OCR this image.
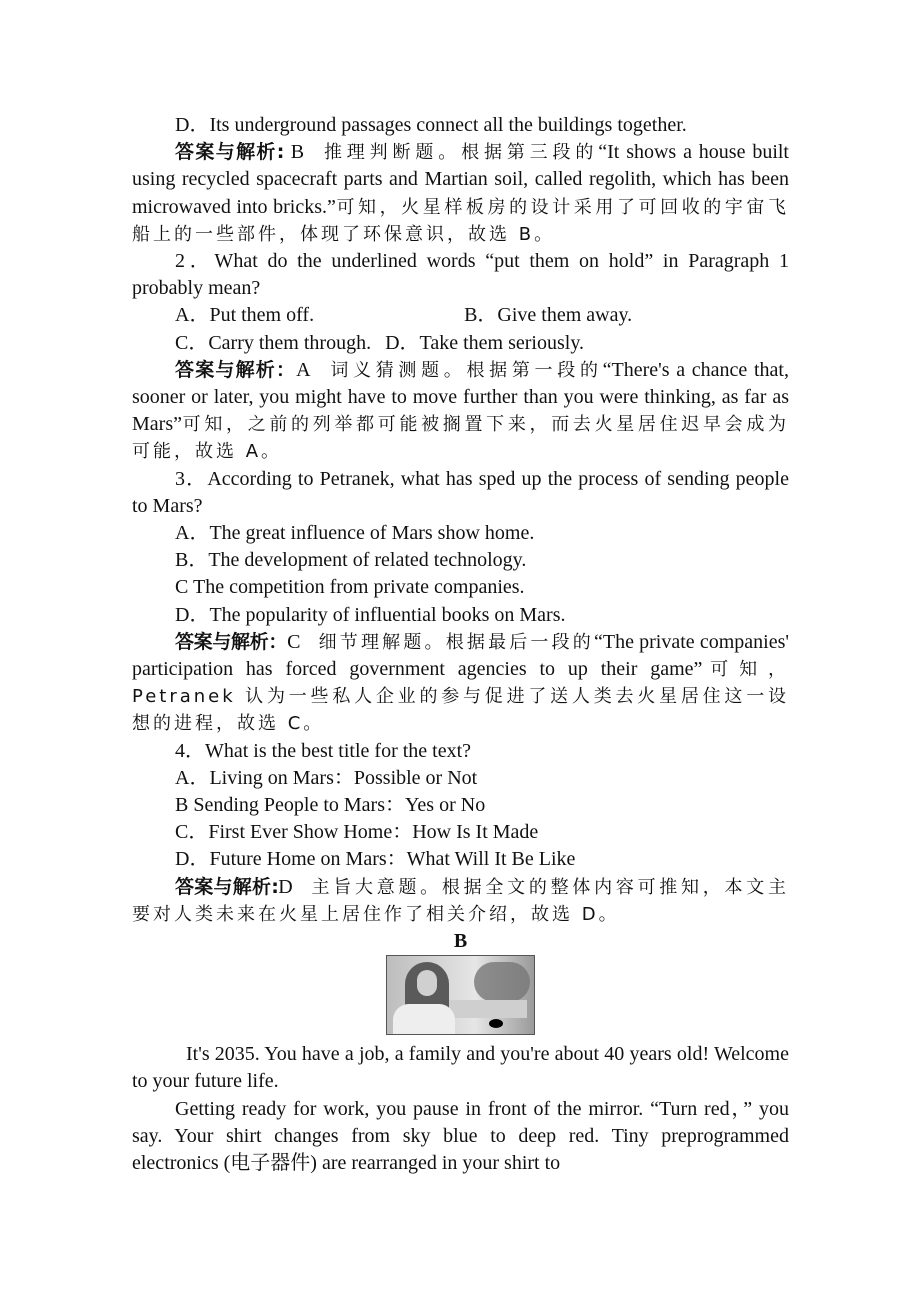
D．Its underground passages connect all the buildings together.

答案与解析: B 推理判断题。根据第三段的“It shows a house built using recycled spacecraft parts and Martian soil, called regolith, which has been microwaved into bricks.”可知，火星样板房的设计采用了可回收的宇宙飞船上的一些部件，体现了环保意识，故选 B。

2．What do the underlined words “put them on hold” in Paragraph 1 probably mean?

A．Put them off.	B．Give them away.

C．Carry them through. D．Take them seriously.

答案与解析：A 词义猜测题。根据第一段的“There's a chance that, sooner or later, you might have to move further than you were thinking, as far as Mars”可知，之前的列举都可能被搁置下来，而去火星居住迟早会成为可能，故选 A。

3．According to Petranek, what has sped up the process of sending people to Mars?

A．The great influence of Mars show home.

B．The development of related technology.

C The competition from private companies.

D．The popularity of influential books on Mars.

答案与解析：C 细节理解题。根据最后一段的“The private companies' participation has forced government agencies to up their game”可知，Petranek 认为一些私人企业的参与促进了送人类去火星居住这一设想的进程，故选 C。

4．What is the best title for the text?

A．Living on Mars：Possible or Not

B Sending People to Mars：Yes or No

C．First Ever Show Home：How Is It Made

D．Future Home on Mars：What Will It Be Like

答案与解析:D 主旨大意题。根据全文的整体内容可推知，本文主要对人类未来在火星上居住作了相关介绍，故选 D。

B

It's 2035. You have a job, a family and you're about 40 years old! Welcome to your future life.

Getting ready for work, you pause in front of the mirror. “Turn red，” you say. Your shirt changes from sky blue to deep red. Tiny preprogrammed electronics (电子器件) are rearranged in your shirt to
